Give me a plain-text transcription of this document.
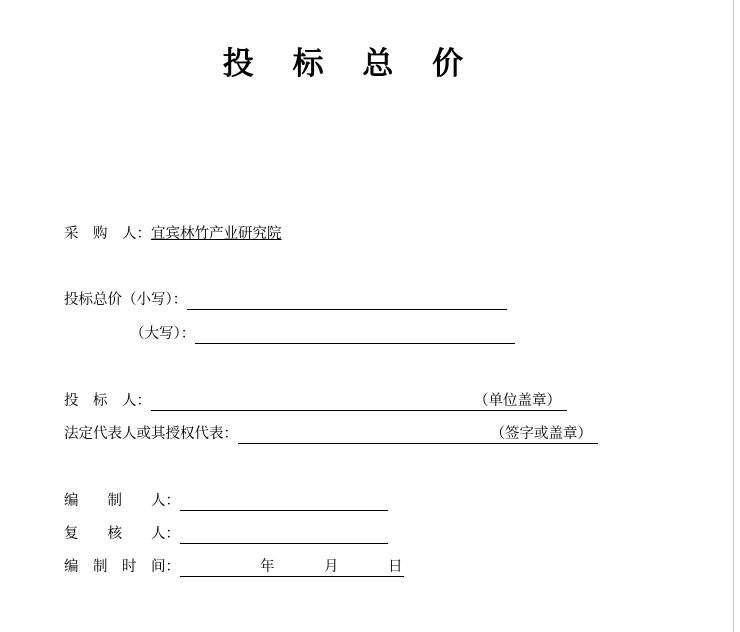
投 标 总 价
采　购　人：宜宾林竹产业研究院
投标总价（小写）：
（大写）：
投　标　人：	（单位盖章）
法定代表人或其授权代表：	（签字或盖章）
编　　制　　人：
复　　核　　人：
编　制　时　间：	年	月	日
